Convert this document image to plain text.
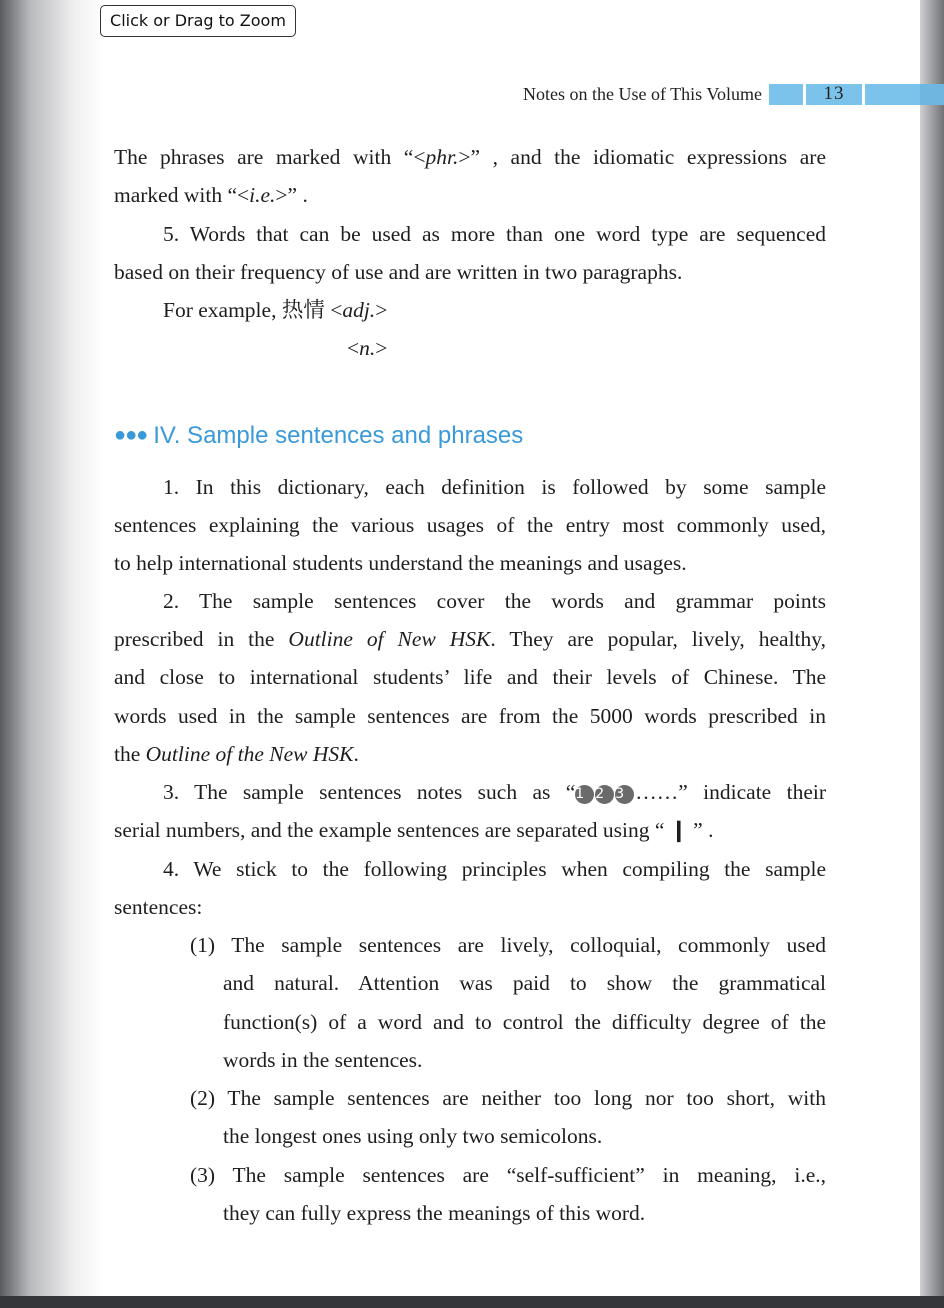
Click or Drag to Zoom
Notes on the Use of This Volume	13
The phrases are marked with “<phr.>” , and the idiomatic expressions are
marked with “<i.e.>” .
5. Words that can be used as more than one word type are sequenced
based on their frequency of use and are written in two paragraphs.
For example, 热情 <adj.>
<n.>
●●● IV. Sample sentences and phrases
1. In this dictionary, each definition is followed by some sample
sentences explaining the various usages of the entry most commonly used,
to help international students understand the meanings and usages.
2. The sample sentences cover the words and grammar points
prescribed in the Outline of New HSK. They are popular, lively, healthy,
and close to international students’ life and their levels of Chinese. The
words used in the sample sentences are from the 5000 words prescribed in
the Outline of the New HSK.
3. The sample sentences notes such as “1 2 3 ……” indicate their
serial numbers, and the example sentences are separated using “ ❙ ” .
4. We stick to the following principles when compiling the sample
sentences:
(1) The sample sentences are lively, colloquial, commonly used
and natural. Attention was paid to show the grammatical
function(s) of a word and to control the difficulty degree of the
words in the sentences.
(2) The sample sentences are neither too long nor too short, with
the longest ones using only two semicolons.
(3) The sample sentences are “self-sufficient” in meaning, i.e.,
they can fully express the meanings of this word.
